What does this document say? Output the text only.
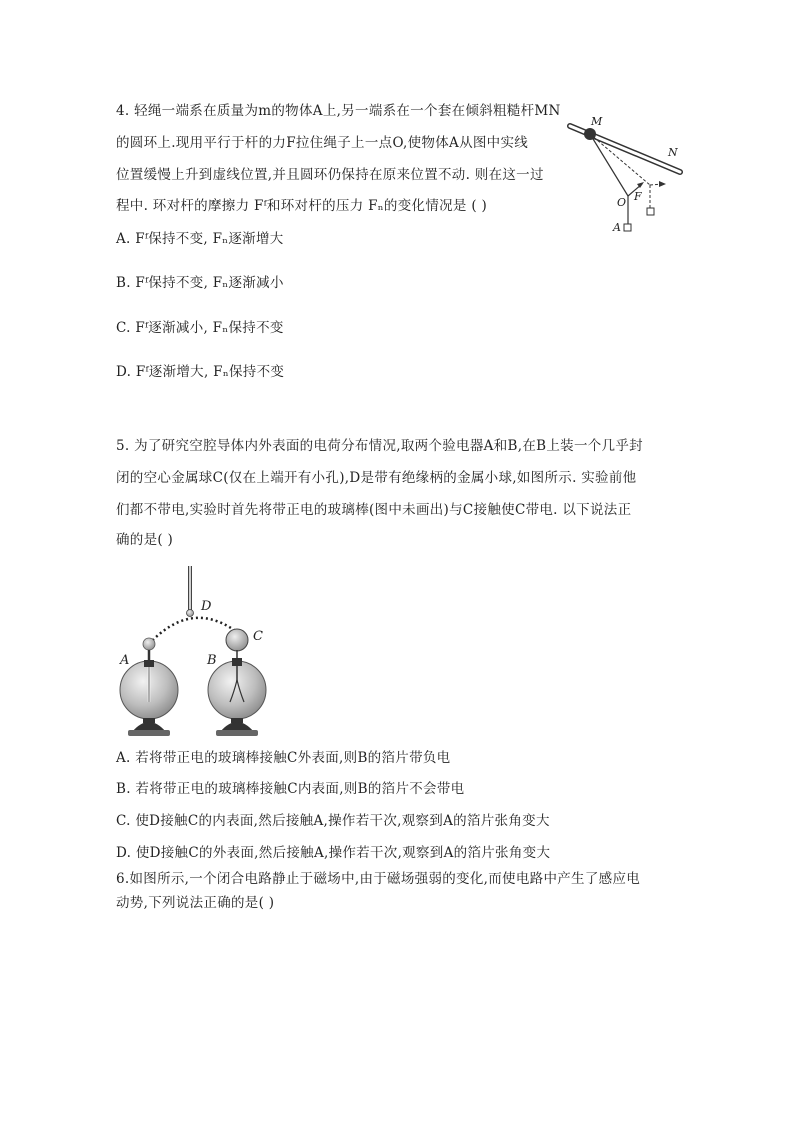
4. 轻绳一端系在质量为m的物体A上,另一端系在一个套在倾斜粗糙杆MN
的圆环上.现用平行于杆的力F拉住绳子上一点O,使物体A从图中实线
位置缓慢上升到虚线位置,并且圆环仍保持在原来位置不动. 则在这一过
程中. 环对杆的摩擦力 Fᶠ和环对杆的压力 Fₙ的变化情况是 ( )
A. Fᶠ保持不变, Fₙ逐渐增大
B. Fᶠ保持不变, Fₙ逐渐减小
C. Fᶠ逐渐减小, Fₙ保持不变
D. Fᶠ逐渐增大, Fₙ保持不变
M
N
F
O
A
5. 为了研究空腔导体内外表面的电荷分布情况,取两个验电器A和B,在B上装一个几乎封
闭的空心金属球C(仅在上端开有小孔),D是带有绝缘柄的金属小球,如图所示. 实验前他
们都不带电,实验时首先将带正电的玻璃棒(图中未画出)与C接触使C带电. 以下说法正
确的是( )
A. 若将带正电的玻璃棒接触C外表面,则B的箔片带负电
B. 若将带正电的玻璃棒接触C内表面,则B的箔片不会带电
C. 使D接触C的内表面,然后接触A,操作若干次,观察到A的箔片张角变大
D. 使D接触C的外表面,然后接触A,操作若干次,观察到A的箔片张角变大
D
A	B
C
6.如图所示,一个闭合电路静止于磁场中,由于磁场强弱的变化,而使电路中产生了感应电
动势,下列说法正确的是( )
